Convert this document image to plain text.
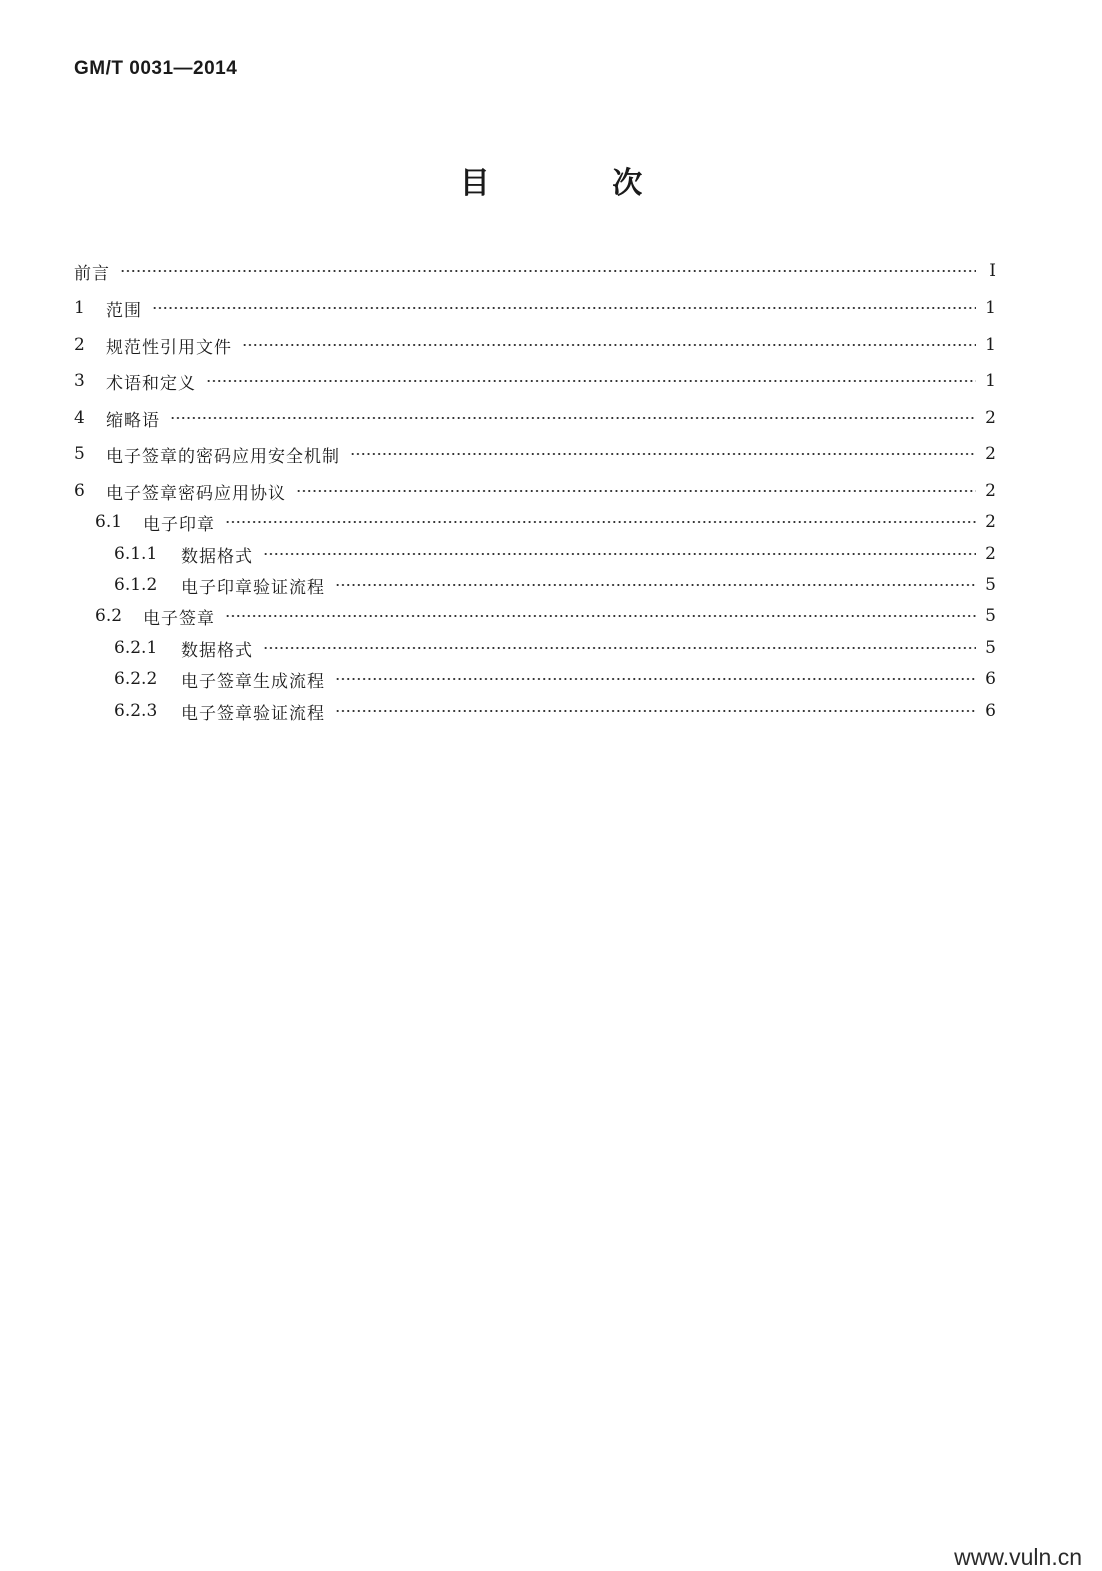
GM/T 0031—2014
目 次
前言	Ⅰ
1	范围	1
2	规范性引用文件	1
3	术语和定义	1
4	缩略语	2
5	电子签章的密码应用安全机制	2
6	电子签章密码应用协议	2
6.1	电子印章	2
6.1.1	数据格式	2
6.1.2	电子印章验证流程	5
6.2	电子签章	5
6.2.1	数据格式	5
6.2.2	电子签章生成流程	6
6.2.3	电子签章验证流程	6
www.vuln.cn
